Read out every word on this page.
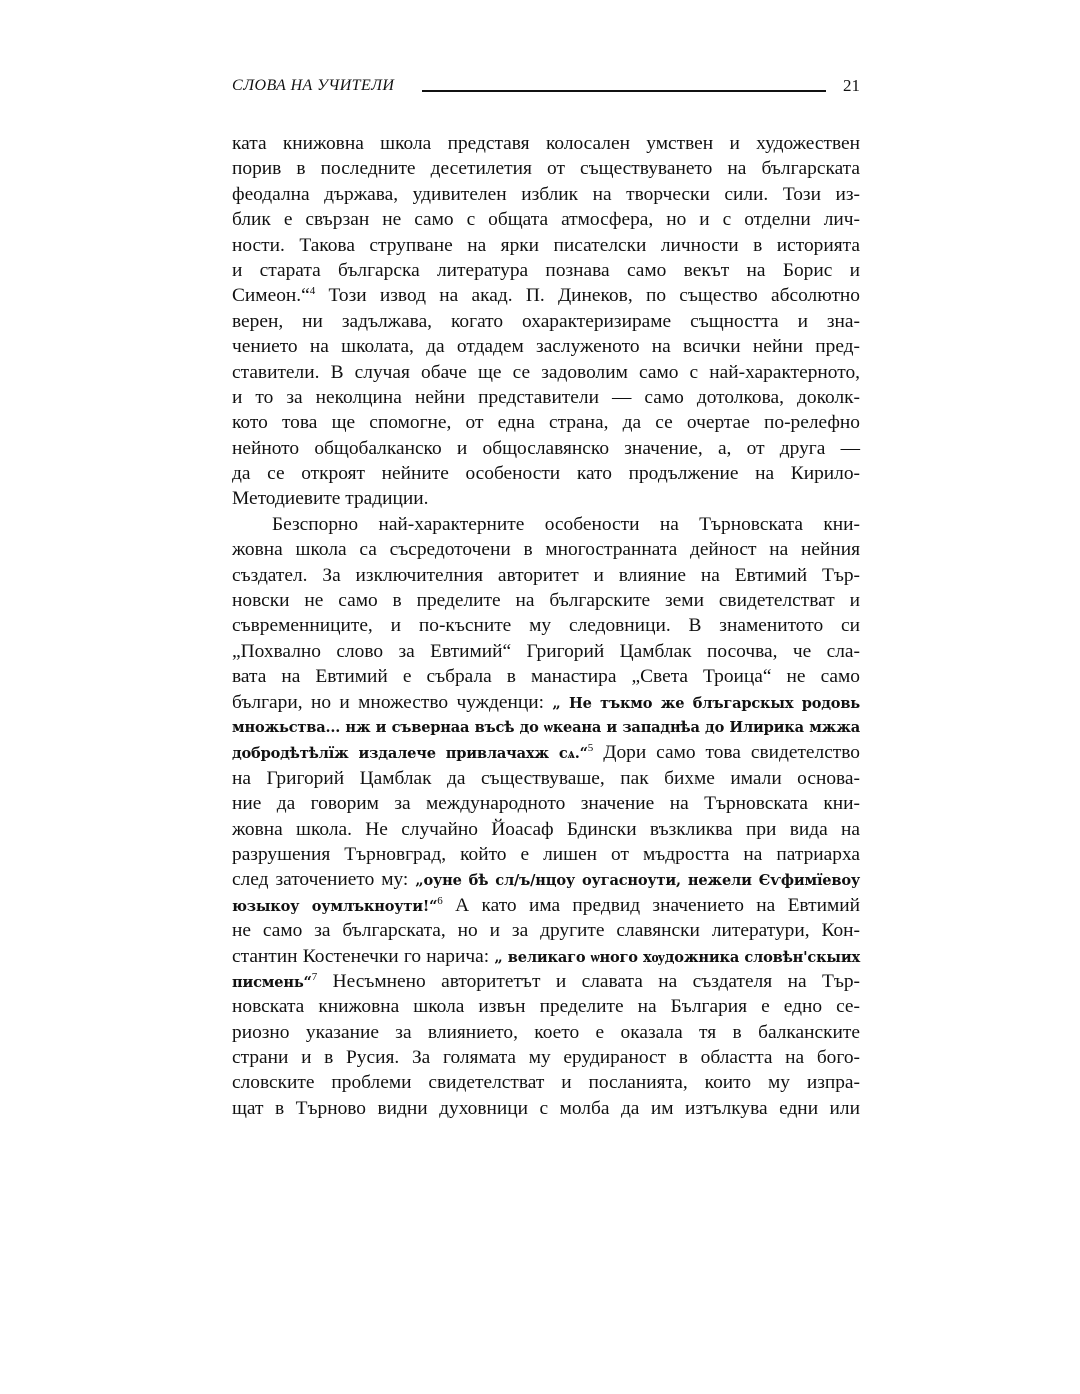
СЛОВА НА УЧИТЕЛИ	21
ката книжовна школа представя колосален умствен и художествен
порив в последните десетилетия от съществуването на българската
феодална държава, удивителен изблик на творчески сили. Този из-
блик е свързан не само с общата атмосфера, но и с отделни лич-
ности. Такова струпване на ярки писателски личности в историята
и старата българска литература познава само векът на Борис и
Симеон.“$^4$ Този извод на акад. П. Динеков, по същество абсолютно
верен, ни задължава, когато охарактеризираме същността и зна-
чението на школата, да отдадем заслуженото на всички нейни пред-
ставители. В случая обаче ще се задоволим само с най-характерното,
и то за неколцина нейни представители — само дотолкова, доколк-
кото това ще спомогне, от една страна, да се очертае по-релефно
нейното общобалканско и общославянско значение, а, от друга —
да се откроят нейните особености като продължение на Кирило-
Методиевите традиции.
Безспорно най-характерните особености на Търновската кни-
жовна школа са съсредоточени в многостранната дейност на нейния
създател. За изключителния авторитет и влияние на Евтимий Тър-
новски не само в пределите на българските земи свидетелстват и
съвременниците, и по-късните му следовници. В знаменитото си
„Похвално слово за Евтимий“ Григорий Цамблак посочва, че сла-
вата на Евтимий е събрала в манастира „Света Троица“ не само
българи, но и множество чужденци: „ Не тъкмо же блъгарскых родовь
множьства... нж и съвернаа въсѣ до ѡкеана и западнѣа до Илирика мжжа
добродѣтѣлїж издалече привлачахж сѧ.“$^5$ Дори само това свидетелство
на Григорий Цамблак да съществуваше, пак бихме имали основа-
ние да говорим за международното значение на Търновската кни-
жовна школа. Не случайно Йоасаф Бдински възкликва при вида на
разрушения Търновград, който е лишен от мъдростта на патриарха
след заточението му: „оуне бѣ сл/ъ/нцоу оугасноути, нежели Єѵфимїевоу
юзыкоу оумлъкноути!“$^6$ А като има предвид значението на Евтимий
не само за българската, но и за другите славянски литератури, Кон-
стантин Костенечки го нарича: „ великаго ѡного хѹдожника словѣн'скыих
писмень“$^7$ Несъмнено авторитетът и славата на създателя на Тър-
новската книжовна школа извън пределите на България е едно се-
риозно указание за влиянието, което е оказала тя в балканските
страни и в Русия. За голямата му ерудираност в областта на бого-
словските проблеми свидетелстват и посланията, които му изпра-
щат в Търново видни духовници с молба да им изтълкува едни или
